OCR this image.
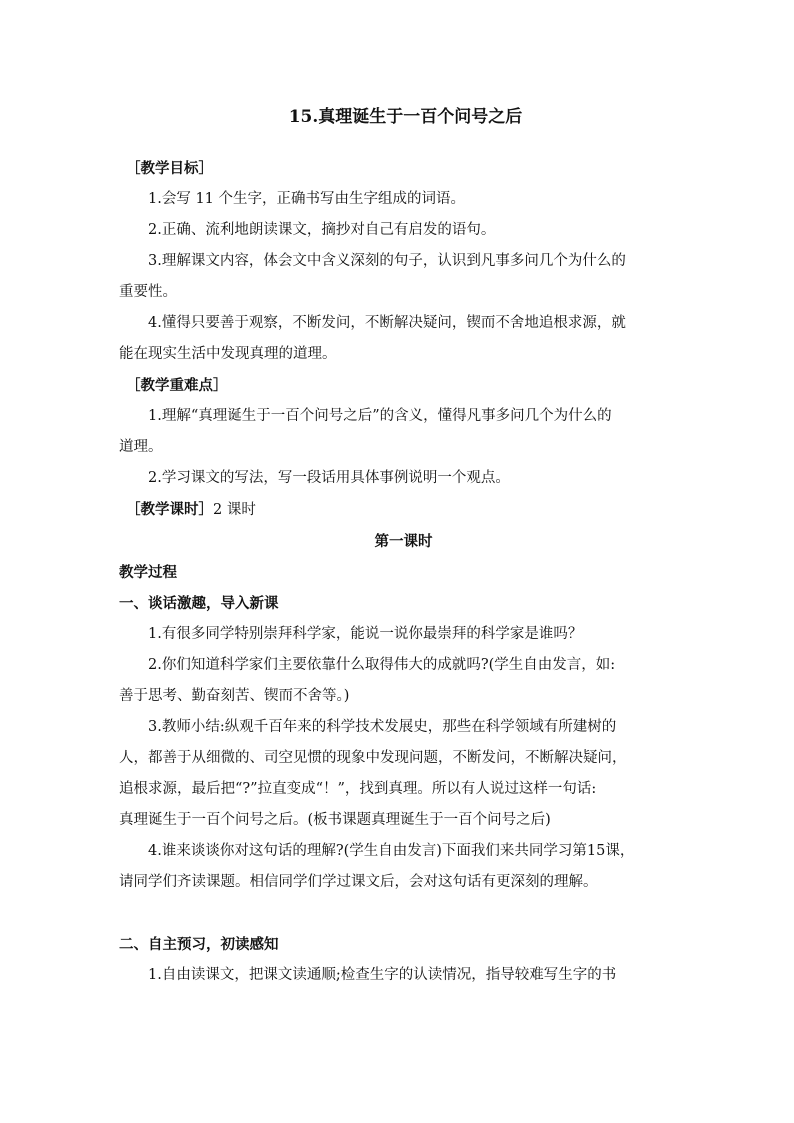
15.真理诞生于一百个问号之后
［教学目标］
1.会写 11 个生字，正确书写由生字组成的词语。
2.正确、流利地朗读课文，摘抄对自己有启发的语句。
3.理解课文内容，体会文中含义深刻的句子，认识到凡事多问几个为什么的
重要性。
4.懂得只要善于观察，不断发问，不断解决疑问，锲而不舍地追根求源，就
能在现实生活中发现真理的道理。
［教学重难点］
1.理解“真理诞生于一百个问号之后”的含义，懂得凡事多问几个为什么的
道理。
2.学习课文的写法，写一段话用具体事例说明一个观点。
［教学课时］2 课时
第一课时
教学过程
一、谈话激趣，导入新课
1.有很多同学特别崇拜科学家，能说一说你最崇拜的科学家是谁吗？
2.你们知道科学家们主要依靠什么取得伟大的成就吗?(学生自由发言，如:
善于思考、勤奋刻苦、锲而不舍等。)
3.教师小结:纵观千百年来的科学技术发展史，那些在科学领域有所建树的
人，都善于从细微的、司空见惯的现象中发现问题，不断发问，不断解决疑问，
追根求源，最后把“?”拉直变成“！”，找到真理。所以有人说过这样一句话:
真理诞生于一百个问号之后。(板书课题真理诞生于一百个问号之后)
4.谁来谈谈你对这句话的理解?(学生自由发言)下面我们来共同学习第15课，
请同学们齐读课题。相信同学们学过课文后，会对这句话有更深刻的理解。
二、自主预习，初读感知
1.自由读课文，把课文读通顺;检查生字的认读情况，指导较难写生字的书
